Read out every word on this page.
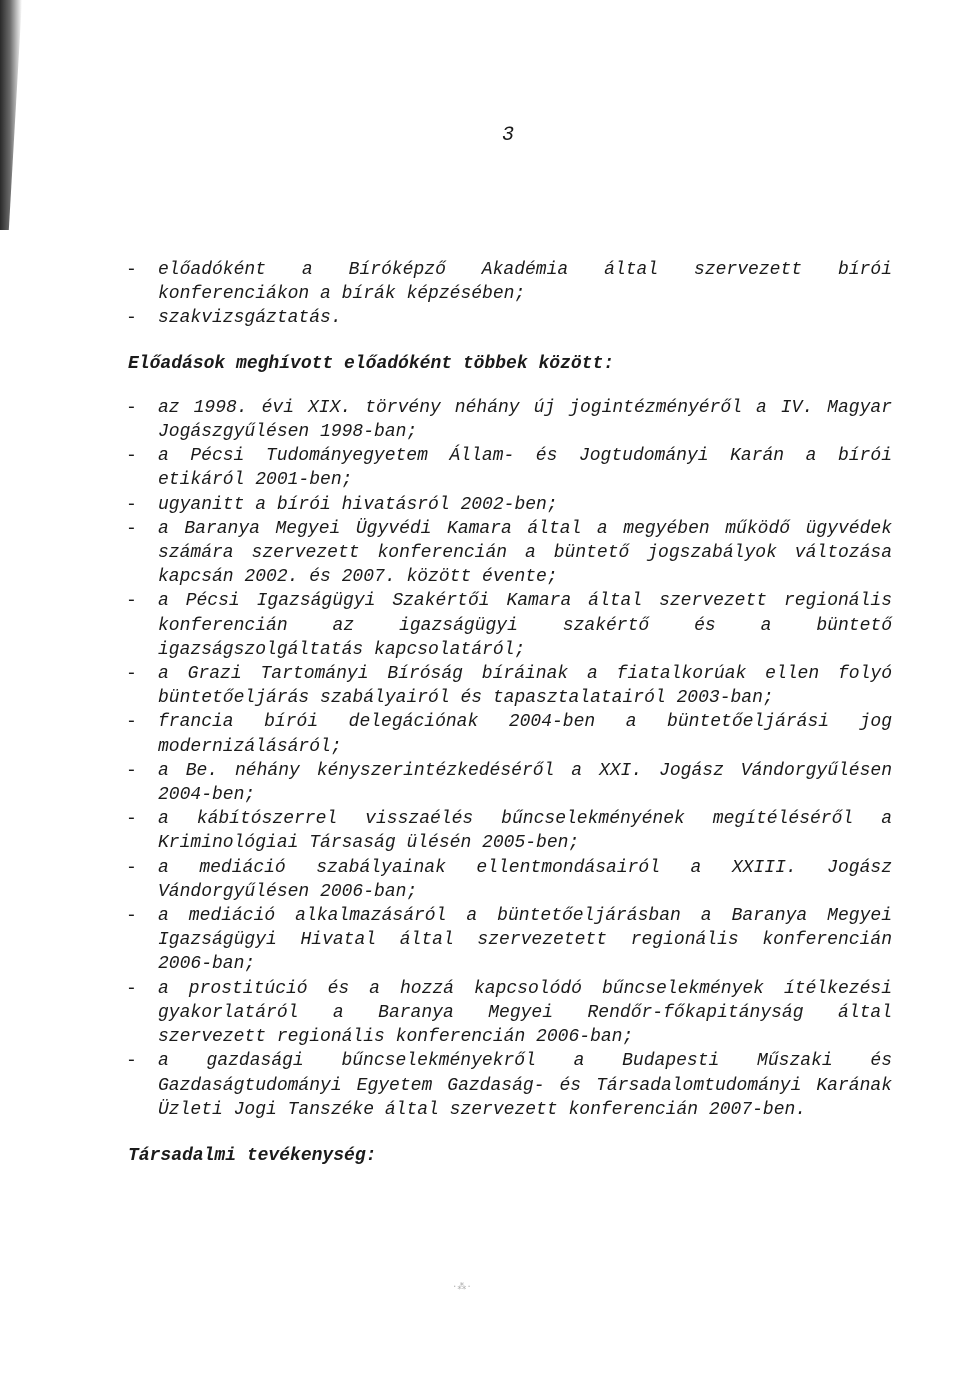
3

- előadóként a Bíróképző Akadémia által szervezett bírói konferenciákon a bírák képzésében;

- szakvizsgáztatás.

Előadások meghívott előadóként többek között:

- az 1998. évi XIX. törvény néhány új jogintézményéről a IV. Magyar Jogászgyűlésen 1998-ban;

- a Pécsi Tudományegyetem Állam- és Jogtudományi Karán a bírói etikáról 2001-ben;

- ugyanitt a bírói hivatásról 2002-ben;

- a Baranya Megyei Ügyvédi Kamara által a megyében működő ügyvédek számára szervezett konferencián a büntető jogszabályok változása kapcsán 2002. és 2007. között évente;

- a Pécsi Igazságügyi Szakértői Kamara által szervezett regionális konferencián az igazságügyi szakértő és a büntető igazságszolgáltatás kapcsolatáról;

- a Grazi Tartományi Bíróság bíráinak a fiatalkorúak ellen folyó büntetőeljárás szabályairól és tapasztalatairól 2003-ban;

- francia bírói delegációnak 2004-ben a büntetőeljárási jog modernizálásáról;

- a Be. néhány kényszerintézkedéséről a XXI. Jogász Vándorgyűlésen 2004-ben;

- a kábítószerrel visszaélés bűncselekményének megítéléséről a Kriminológiai Társaság ülésén 2005-ben;

- a mediáció szabályainak ellentmondásairól a XXIII. Jogász Vándorgyűlésen 2006-ban;

- a mediáció alkalmazásáról a büntetőeljárásban a Baranya Megyei Igazságügyi Hivatal által szervezetett regionális konferencián 2006-ban;

- a prostitúció és a hozzá kapcsolódó bűncselekmények ítélkezési gyakorlatáról a Baranya Megyei Rendőr-főkapitányság által szervezett regionális konferencián 2006-ban;

- a gazdasági bűncselekményekről a Budapesti Műszaki és Gazdaságtudományi Egyetem Gazdaság- és Társadalomtudományi Karának Üzleti Jogi Tanszéke által szervezett konferencián 2007-ben.

Társadalmi tevékenység:

·⁂·
